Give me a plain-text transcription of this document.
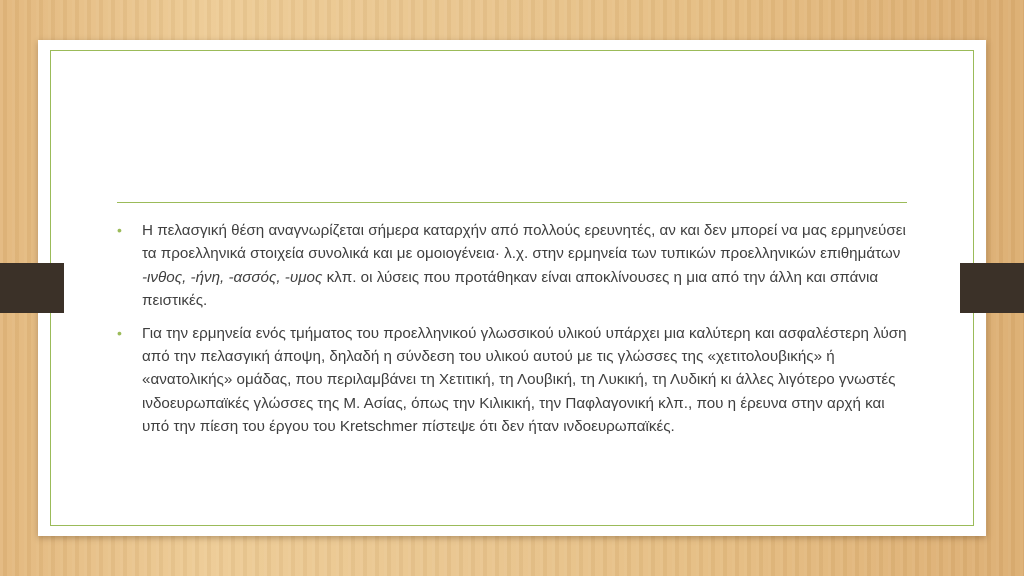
• Η πελασγική θέση αναγνωρίζεται σήμερα καταρχήν από πολλούς ερευνητές, αν και δεν μπορεί να μας ερμηνεύσει τα προελληνικά στοιχεία συνολικά και με ομοιογένεια· λ.χ. στην ερμηνεία των τυπικών προελληνικών επιθημάτων -ινθος, -ήνη, -ασσός, -υμος κλπ. οι λύσεις που προτάθηκαν είναι αποκλίνουσες η μια από την άλλη και σπάνια πειστικές.
• Για την ερμηνεία ενός τμήματος του προελληνικού γλωσσικού υλικού υπάρχει μια καλύτερη και ασφαλέστερη λύση από την πελασγική άποψη, δηλαδή η σύνδεση του υλικού αυτού με τις γλώσσες της «χετιτολουβικής» ή «ανατολικής» ομάδας, που περιλαμβάνει τη Χετιτική, τη Λουβική, τη Λυκική, τη Λυδική κι άλλες λιγότερο γνωστές ινδοευρωπαϊκές γλώσσες της Μ. Ασίας, όπως την Κιλικική, την Παφλαγονική κλπ., που η έρευνα στην αρχή και υπό την πίεση του έργου του Kretschmer πίστεψε ότι δεν ήταν ινδοευρωπαϊκές.
